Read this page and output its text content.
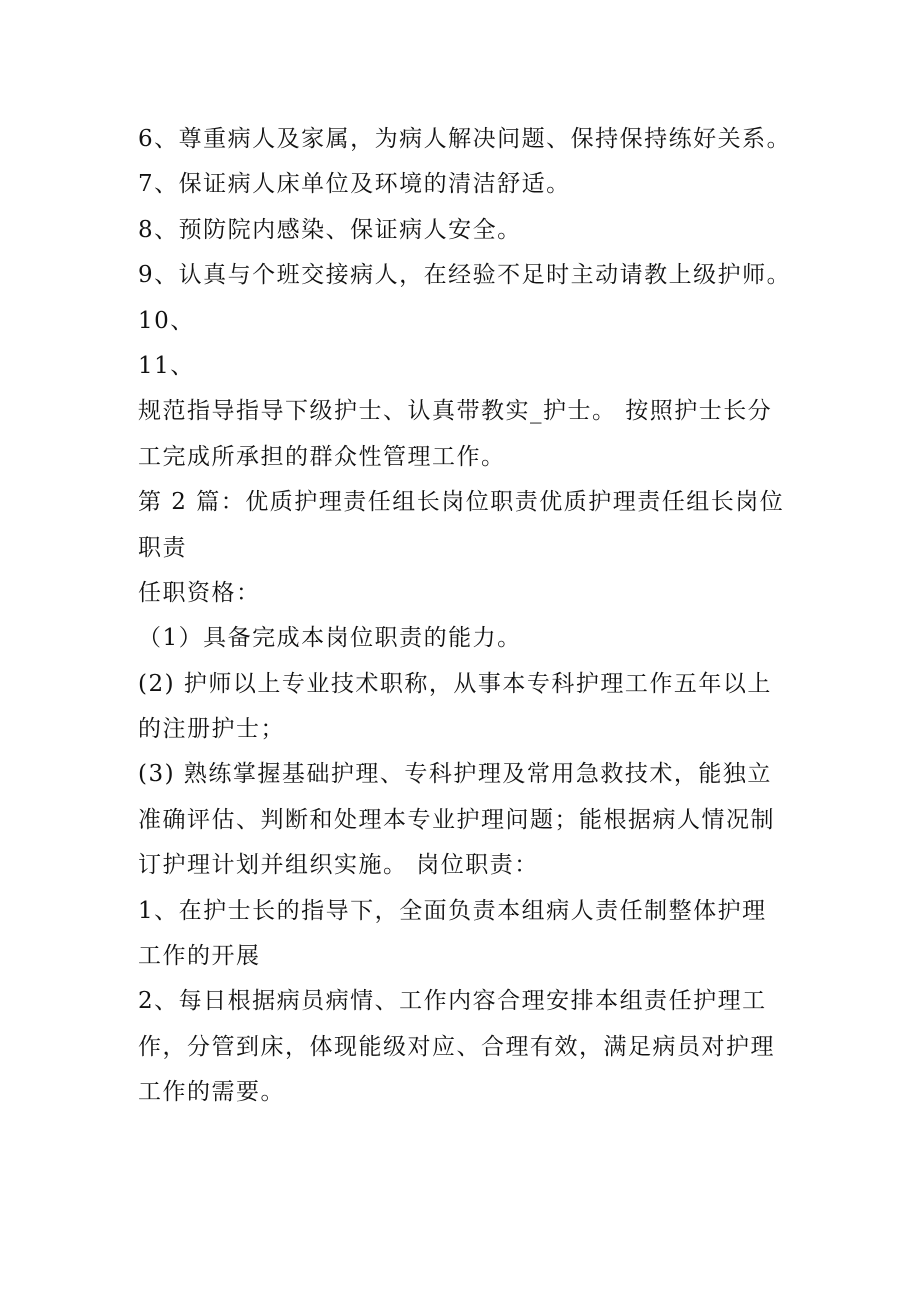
6、尊重病人及家属，为病人解决问题、保持保持练好关系。
7、保证病人床单位及环境的清洁舒适。
8、预防院内感染、保证病人安全。
9、认真与个班交接病人，在经验不足时主动请教上级护师。
10、
11、
规范指导指导下级护士、认真带教实_护士。 按照护士长分
工完成所承担的群众性管理工作。
第 2 篇：优质护理责任组长岗位职责优质护理责任组长岗位
职责
任职资格：
（1）具备完成本岗位职责的能力。
(2) 护师以上专业技术职称，从事本专科护理工作五年以上
的注册护士；
(3) 熟练掌握基础护理、专科护理及常用急救技术，能独立
准确评估、判断和处理本专业护理问题；能根据病人情况制
订护理计划并组织实施。 岗位职责：
1、在护士长的指导下，全面负责本组病人责任制整体护理
工作的开展
2、每日根据病员病情、工作内容合理安排本组责任护理工
作，分管到床，体现能级对应、合理有效，满足病员对护理
工作的需要。
